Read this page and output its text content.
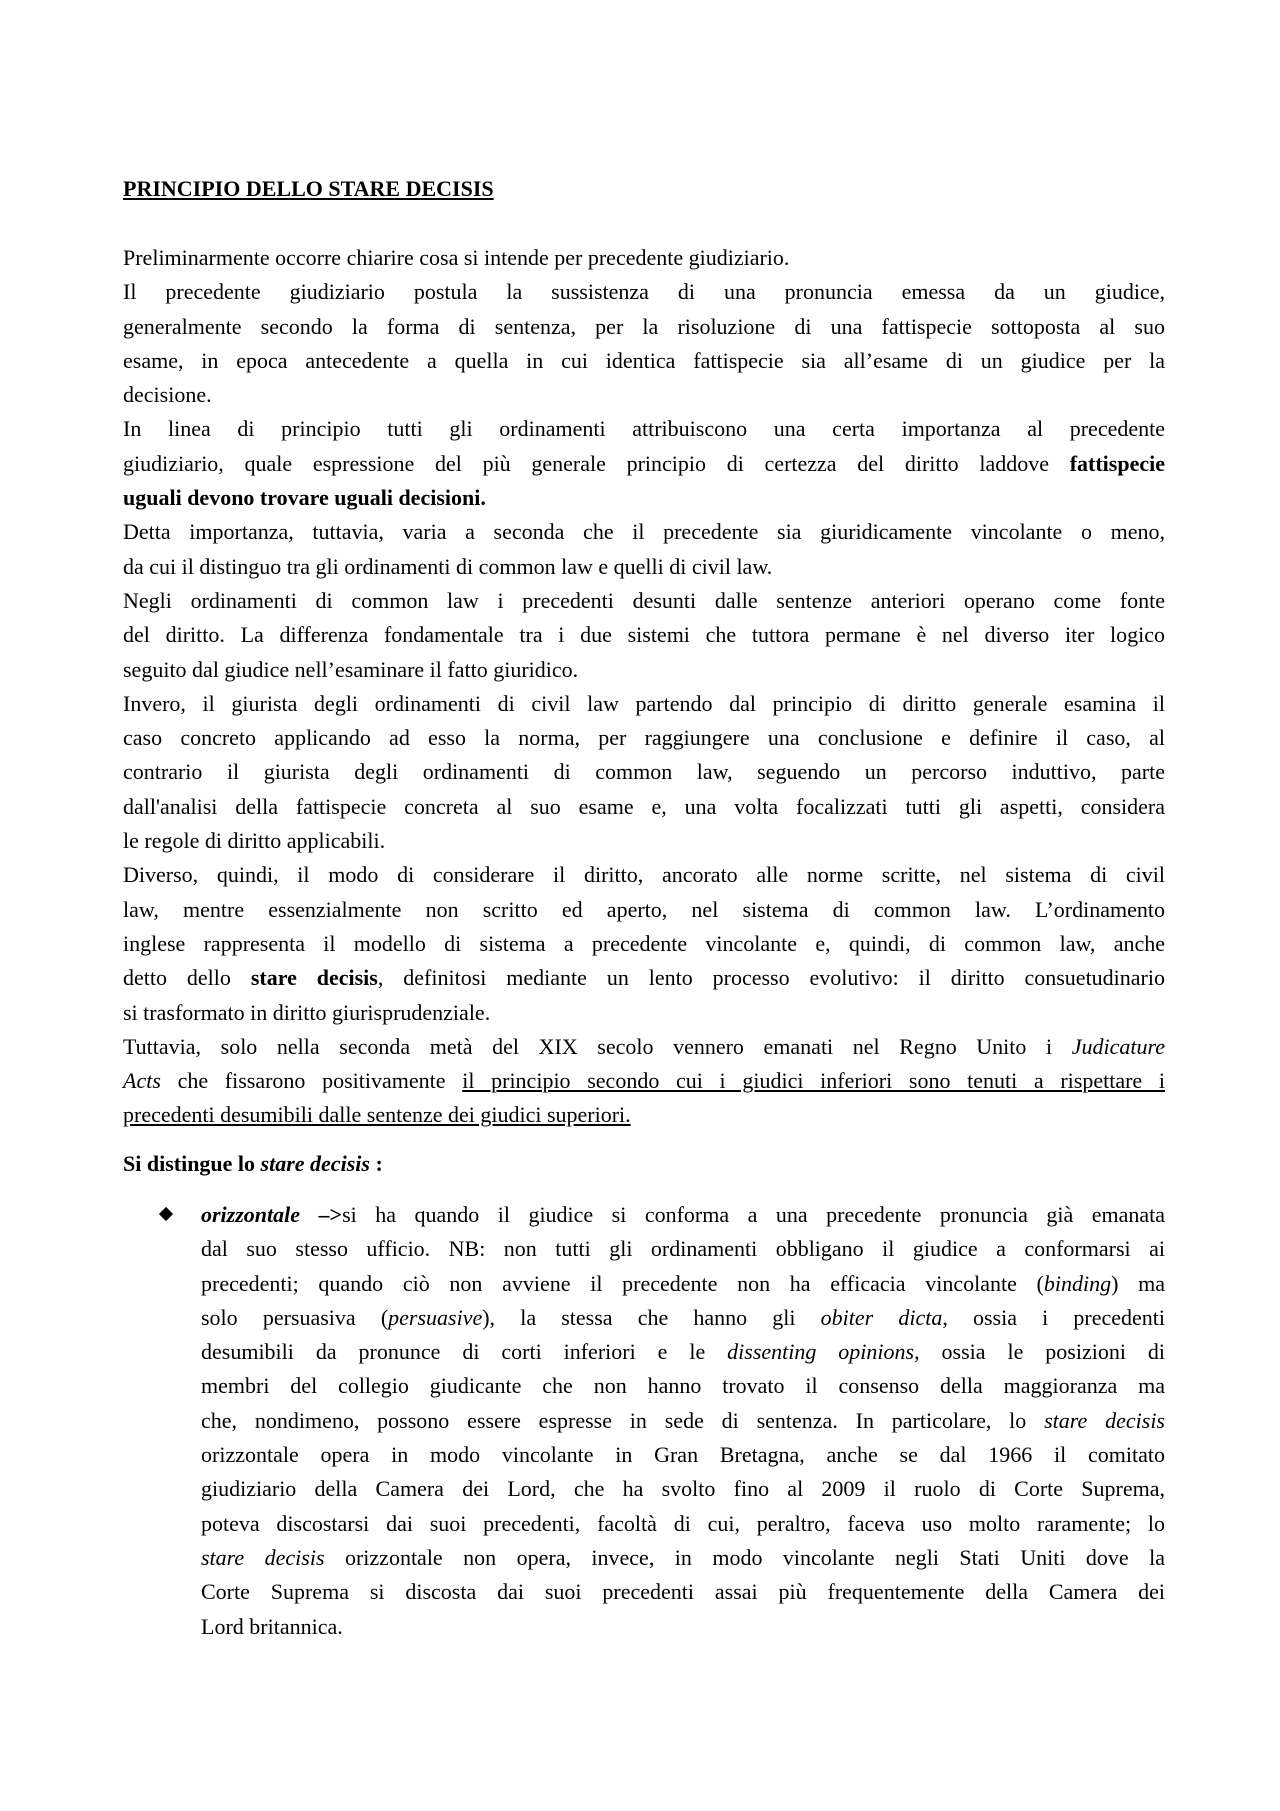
PRINCIPIO DELLO STARE DECISIS
Preliminarmente occorre chiarire cosa si intende per precedente giudiziario.
Il precedente giudiziario postula la sussistenza di una pronuncia emessa da un giudice,
generalmente secondo la forma di sentenza, per la risoluzione di una fattispecie sottoposta al suo
esame, in epoca antecedente a quella in cui identica fattispecie sia all’esame di un giudice per la
decisione.
In linea di principio tutti gli ordinamenti attribuiscono una certa importanza al precedente
giudiziario, quale espressione del più generale principio di certezza del diritto laddove fattispecie
uguali devono trovare uguali decisioni.
Detta importanza, tuttavia, varia a seconda che il precedente sia giuridicamente vincolante o meno,
da cui il distinguo tra gli ordinamenti di common law e quelli di civil law.
Negli ordinamenti di common law i precedenti desunti dalle sentenze anteriori operano come fonte
del diritto. La differenza fondamentale tra i due sistemi che tuttora permane è nel diverso iter logico
seguito dal giudice nell’esaminare il fatto giuridico.
Invero, il giurista degli ordinamenti di civil law partendo dal principio di diritto generale esamina il
caso concreto applicando ad esso la norma, per raggiungere una conclusione e definire il caso, al
contrario il giurista degli ordinamenti di common law, seguendo un percorso induttivo, parte
dall'analisi della fattispecie concreta al suo esame e, una volta focalizzati tutti gli aspetti, considera
le regole di diritto applicabili.
Diverso, quindi, il modo di considerare il diritto, ancorato alle norme scritte, nel sistema di civil
law, mentre essenzialmente non scritto ed aperto, nel sistema di common law. L’ordinamento
inglese rappresenta il modello di sistema a precedente vincolante e, quindi, di common law, anche
detto dello stare decisis, definitosi mediante un lento processo evolutivo: il diritto consuetudinario
si trasformato in diritto giurisprudenziale.
Tuttavia, solo nella seconda metà del XIX secolo vennero emanati nel Regno Unito i Judicature
Acts che fissarono positivamente il principio secondo cui i giudici inferiori sono tenuti a rispettare i
precedenti desumibili dalle sentenze dei giudici superiori.
Si distingue lo stare decisis :
orizzontale –>si ha quando il giudice si conforma a una precedente pronuncia già emanata
dal suo stesso ufficio. NB: non tutti gli ordinamenti obbligano il giudice a conformarsi ai
precedenti; quando ciò non avviene il precedente non ha efficacia vincolante (binding) ma
solo persuasiva (persuasive), la stessa che hanno gli obiter dicta, ossia i precedenti
desumibili da pronunce di corti inferiori e le dissenting opinions, ossia le posizioni di
membri del collegio giudicante che non hanno trovato il consenso della maggioranza ma
che, nondimeno, possono essere espresse in sede di sentenza. In particolare, lo stare decisis
orizzontale opera in modo vincolante in Gran Bretagna, anche se dal 1966 il comitato
giudiziario della Camera dei Lord, che ha svolto fino al 2009 il ruolo di Corte Suprema,
poteva discostarsi dai suoi precedenti, facoltà di cui, peraltro, faceva uso molto raramente; lo
stare decisis orizzontale non opera, invece, in modo vincolante negli Stati Uniti dove la
Corte Suprema si discosta dai suoi precedenti assai più frequentemente della Camera dei
Lord britannica.
